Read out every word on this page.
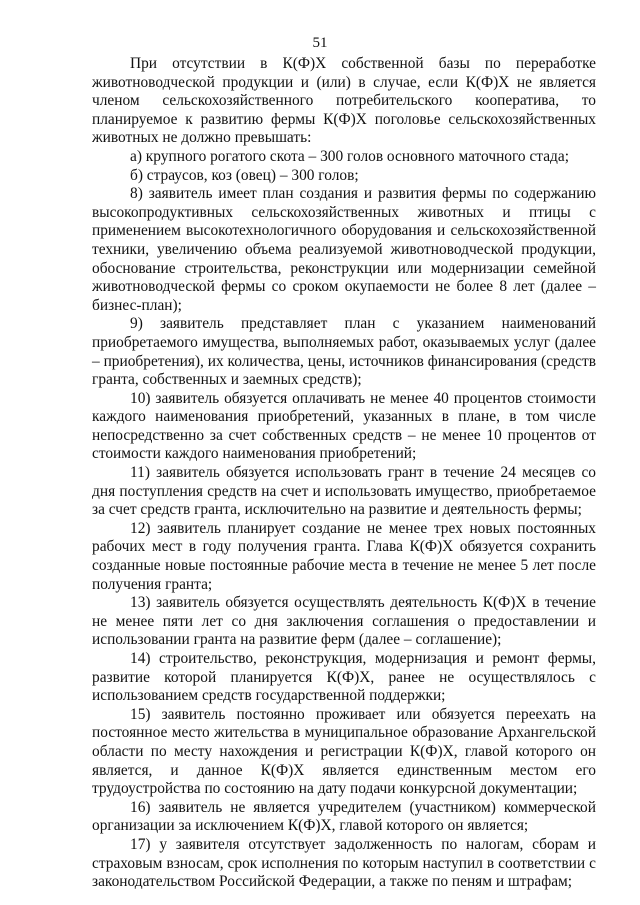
51

При отсутствии в К(Ф)Х собственной базы по переработке животноводческой продукции и (или) в случае, если К(Ф)Х не является членом сельскохозяйственного потребительского кооператива, то планируемое к развитию фермы К(Ф)Х поголовье сельскохозяйственных животных не должно превышать:

а) крупного рогатого скота – 300 голов основного маточного стада;

б) страусов, коз (овец) – 300 голов;

8) заявитель имеет план создания и развития фермы по содержанию высокопродуктивных сельскохозяйственных животных и птицы с применением высокотехнологичного оборудования и сельскохозяйственной техники, увеличению объема реализуемой животноводческой продукции, обоснование строительства, реконструкции или модернизации семейной животноводческой фермы со сроком окупаемости не более 8 лет (далее – бизнес-план);

9) заявитель представляет план с указанием наименований приобретаемого имущества, выполняемых работ, оказываемых услуг (далее – приобретения), их количества, цены, источников финансирования (средств гранта, собственных и заемных средств);

10) заявитель обязуется оплачивать не менее 40 процентов стоимости каждого наименования приобретений, указанных в плане, в том числе непосредственно за счет собственных средств – не менее 10 процентов от стоимости каждого наименования приобретений;

11) заявитель обязуется использовать грант в течение 24 месяцев со дня поступления средств на счет и использовать имущество, приобретаемое за счет средств гранта, исключительно на развитие и деятельность фермы;

12) заявитель планирует создание не менее трех новых постоянных рабочих мест в году получения гранта. Глава К(Ф)Х обязуется сохранить созданные новые постоянные рабочие места в течение не менее 5 лет после получения гранта;

13) заявитель обязуется осуществлять деятельность К(Ф)Х в течение не менее пяти лет со дня заключения соглашения о предоставлении и использовании гранта на развитие ферм (далее – соглашение);

14) строительство, реконструкция, модернизация и ремонт фермы, развитие которой планируется К(Ф)Х, ранее не осуществлялось с использованием средств государственной поддержки;

15) заявитель постоянно проживает или обязуется переехать на постоянное место жительства в муниципальное образование Архангельской области по месту нахождения и регистрации К(Ф)Х, главой которого он является, и данное К(Ф)Х является единственным местом его трудоустройства по состоянию на дату подачи конкурсной документации;

16) заявитель не является учредителем (участником) коммерческой организации за исключением К(Ф)Х, главой которого он является;

17) у заявителя отсутствует задолженность по налогам, сборам и страховым взносам, срок исполнения по которым наступил в соответствии с законодательством Российской Федерации, а также по пеням и штрафам;
